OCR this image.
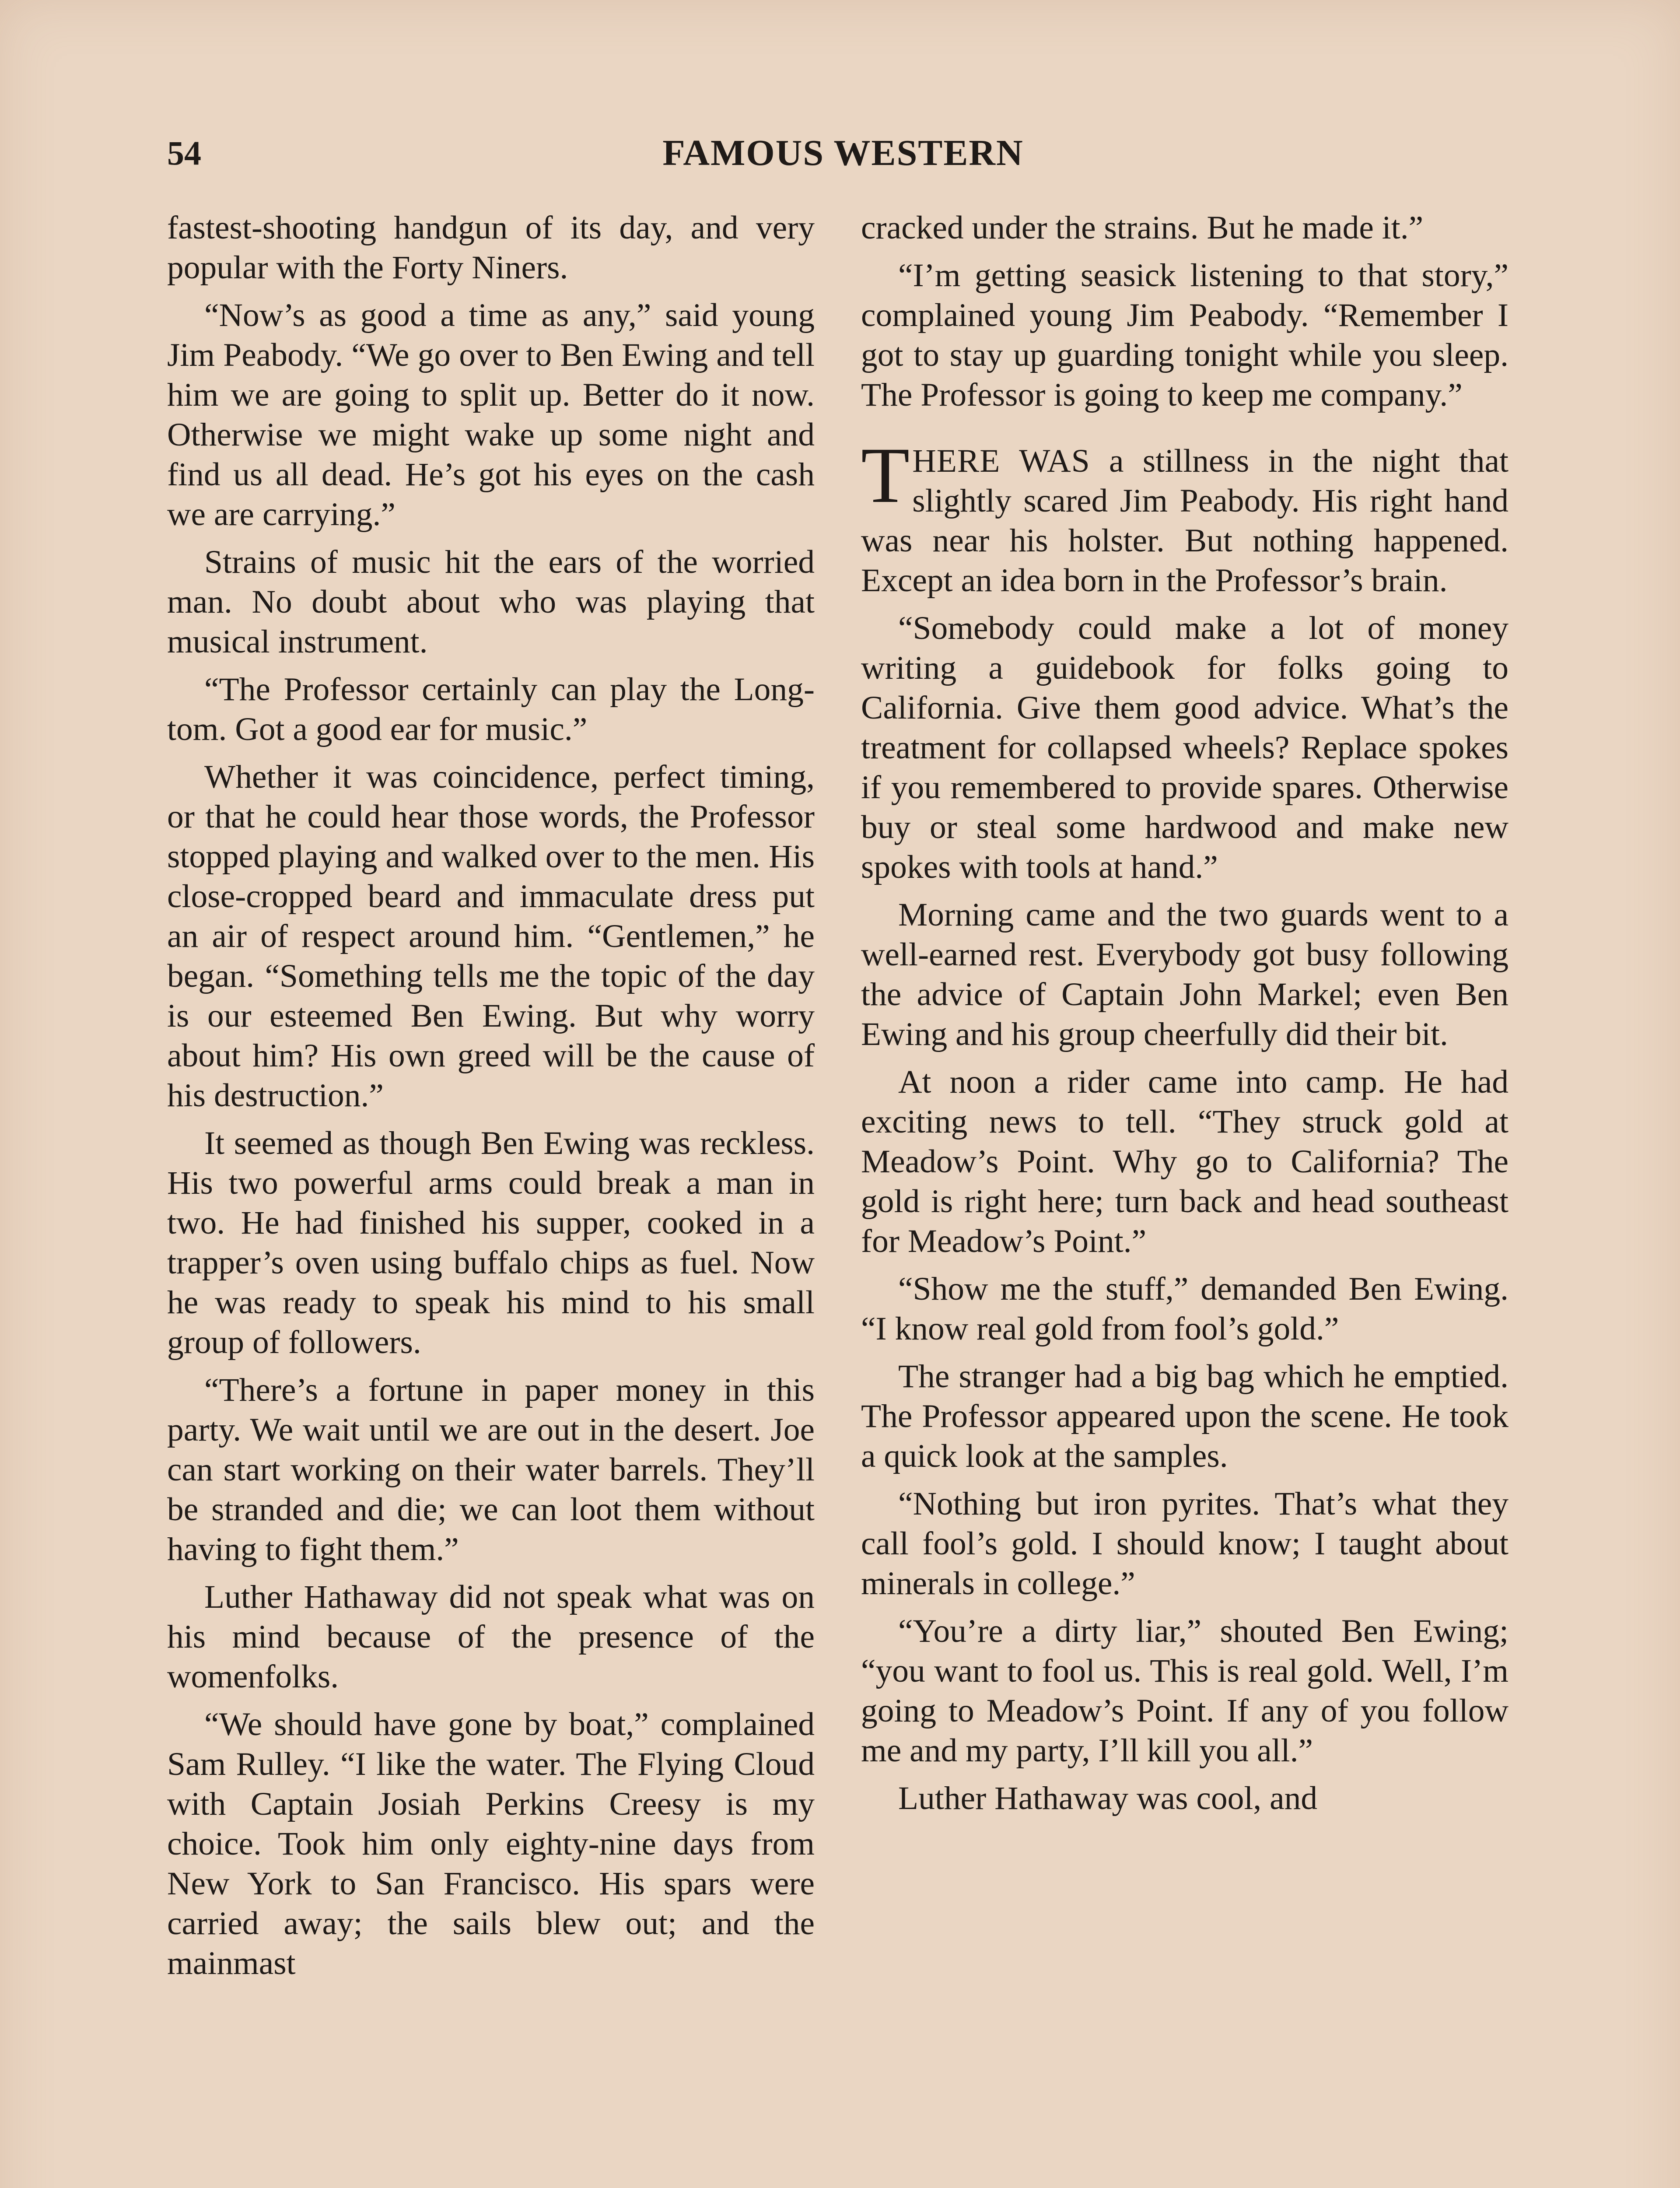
54	FAMOUS WESTERN

fastest-shooting handgun of its day, and very popular with the Forty Niners.

“Now’s as good a time as any,” said young Jim Peabody. “We go over to Ben Ewing and tell him we are going to split up. Better do it now. Otherwise we might wake up some night and find us all dead. He’s got his eyes on the cash we are carrying.”

Strains of music hit the ears of the worried man. No doubt about who was playing that musical instrument.

“The Professor certainly can play the Long-tom. Got a good ear for music.”

Whether it was coincidence, perfect timing, or that he could hear those words, the Professor stopped playing and walked over to the men. His close-cropped beard and immaculate dress put an air of respect around him. “Gentlemen,” he began. “Something tells me the topic of the day is our esteemed Ben Ewing. But why worry about him? His own greed will be the cause of his destruction.”

It seemed as though Ben Ewing was reckless. His two powerful arms could break a man in two. He had finished his supper, cooked in a trapper’s oven using buffalo chips as fuel. Now he was ready to speak his mind to his small group of followers.

“There’s a fortune in paper money in this party. We wait until we are out in the desert. Joe can start working on their water barrels. They’ll be stranded and die; we can loot them without having to fight them.”

Luther Hathaway did not speak what was on his mind because of the presence of the womenfolks.

“We should have gone by boat,” complained Sam Rulley. “I like the water. The Flying Cloud with Captain Josiah Perkins Creesy is my choice. Took him only eighty-nine days from New York to San Francisco. His spars were carried away; the sails blew out; and the mainmast

cracked under the strains. But he made it.”

“I’m getting seasick listening to that story,” complained young Jim Peabody. “Remember I got to stay up guarding tonight while you sleep. The Professor is going to keep me company.”

THERE WAS a stillness in the night that slightly scared Jim Peabody. His right hand was near his holster. But nothing happened. Except an idea born in the Professor’s brain.

“Somebody could make a lot of money writing a guidebook for folks going to California. Give them good advice. What’s the treatment for collapsed wheels? Replace spokes if you remembered to provide spares. Otherwise buy or steal some hardwood and make new spokes with tools at hand.”

Morning came and the two guards went to a well-earned rest. Everybody got busy following the advice of Captain John Markel; even Ben Ewing and his group cheerfully did their bit.

At noon a rider came into camp. He had exciting news to tell. “They struck gold at Meadow’s Point. Why go to California? The gold is right here; turn back and head southeast for Meadow’s Point.”

“Show me the stuff,” demanded Ben Ewing. “I know real gold from fool’s gold.”

The stranger had a big bag which he emptied. The Professor appeared upon the scene. He took a quick look at the samples.

“Nothing but iron pyrites. That’s what they call fool’s gold. I should know; I taught about minerals in college.”

“You’re a dirty liar,” shouted Ben Ewing; “you want to fool us. This is real gold. Well, I’m going to Meadow’s Point. If any of you follow me and my party, I’ll kill you all.”

Luther Hathaway was cool, and
